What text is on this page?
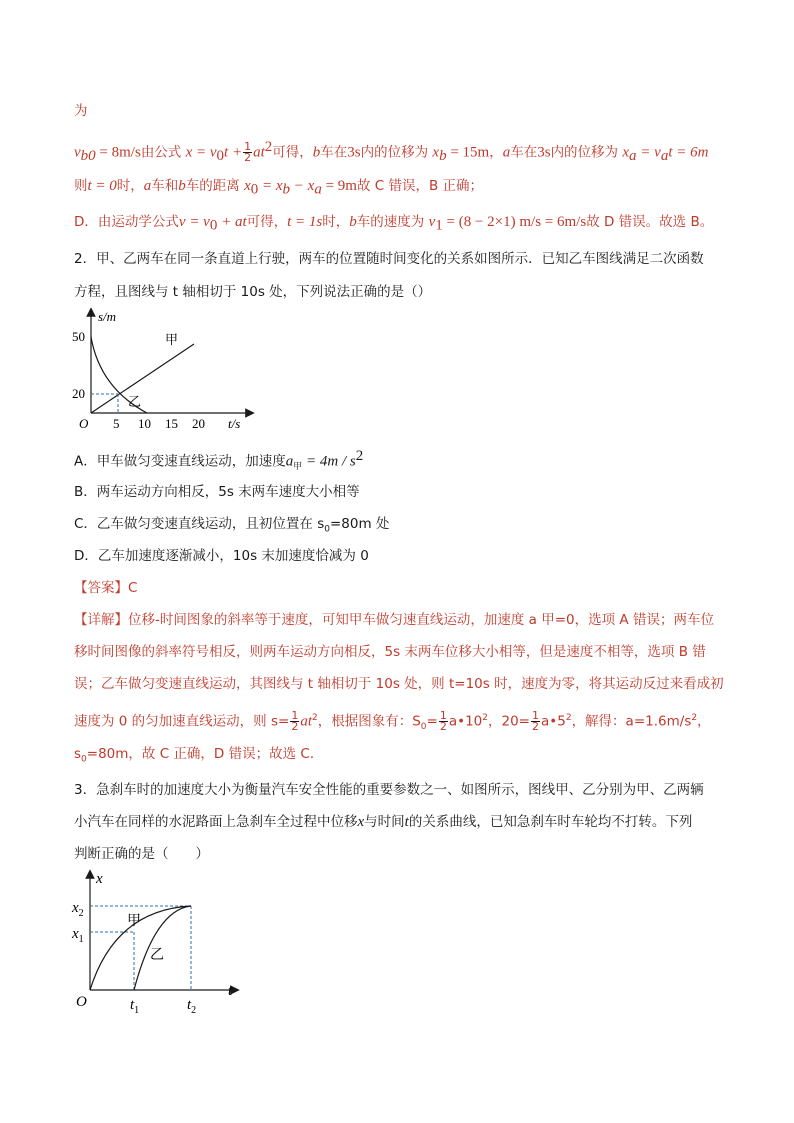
为
$v_{b0} = 8m/s$由公式 $x = v_0t + \frac{1}{2} at^2$可得，b车在3s内的位移为 $x_b = 15m$，a车在3s内的位移为 $x_a = v_at = 6m$
则t = 0时，a车和b车的距离 $x_0 = x_b - x_a = 9m$故 C 错误，B 正确；
D．由运动学公式$v = v_0$ + at可得，t = 1s时，b车的速度为 $v_1 = (8 - 2\times 1) m/s = 6m/s$故 D 错误。故选 B。
2．甲、乙两车在同一条直道上行驶，两车的位置随时间变化的关系如图所示．已知乙车图线满足二次函数
方程，且图线与 t 轴相切于 10s 处，下列说法正确的是（）
s/m
t/s
O
50
20
5 10 15 20
甲
乙
A．甲车做匀变速直线运动，加速度$a_甲 = 4m / s^2$
B．两车运动方向相反，5s 末两车速度大小相等
C．乙车做匀变速直线运动，且初位置在 $s_0=80m$ 处
D．乙车加速度逐渐减小，10s 末加速度恰减为 0
【答案】C
【详解】位移-时间图象的斜率等于速度，可知甲车做匀速直线运动，加速度 a 甲=0，选项 A 错误；两车位
移时间图像的斜率符号相反，则两车运动方向相反，5s 末两车位移大小相等，但是速度不相等，选项 B 错
误；乙车做匀变速直线运动，其图线与 t 轴相切于 10s 处，则 t=10s 时，速度为零，将其运动反过来看成初
速度为 0 的匀加速直线运动，则 $s= \frac{1}{2} at^2$，根据图象有：$S_0= \frac{1}{2}$ $a•10^2$，$20= \frac{1}{2}$ $a•5^2$，解得：$a=1.6m/s^2$，
$s_0=80m$，故 C 正确，D 错误；故选 C．
3．急刹车时的加速度大小为衡量汽车安全性能的重要参数之一、如图所示，图线甲、乙分别为甲、乙两辆
小汽车在同样的水泥路面上急刹车全过程中位移x与时间t的关系曲线，已知急刹车时车轮均不打转。下列
判断正确的是（　　）
x
t
O
$x_2$
$x_1$
$t_1$	$t_2$
甲
乙
